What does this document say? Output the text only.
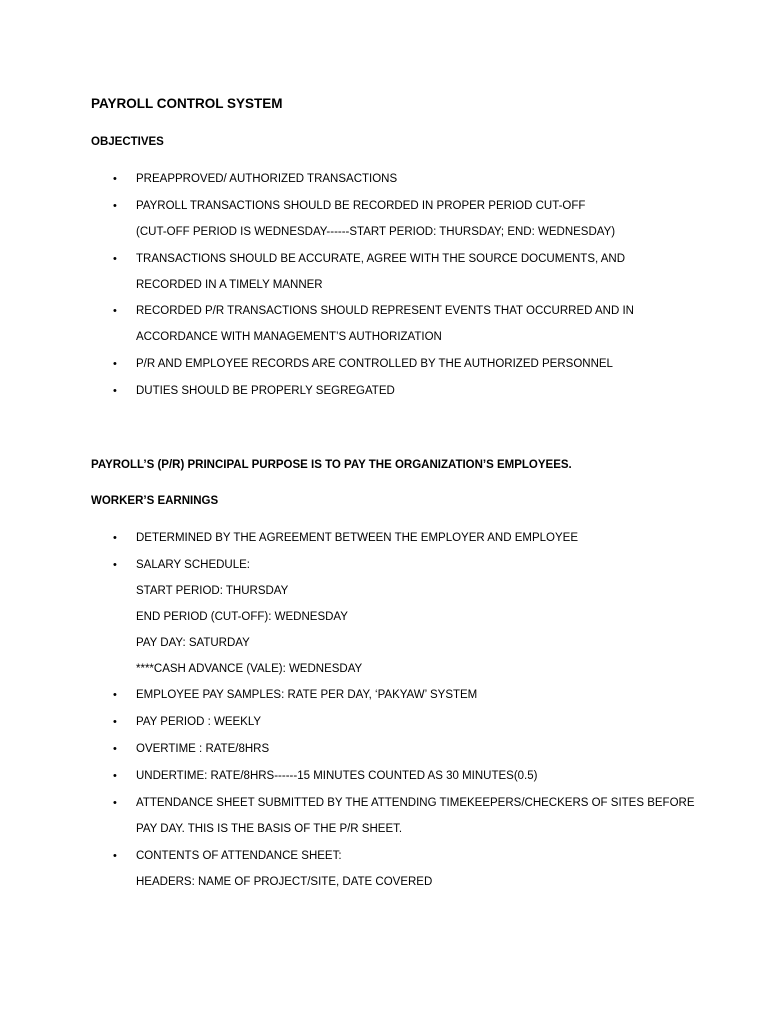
PAYROLL CONTROL SYSTEM
OBJECTIVES
• PREAPPROVED/ AUTHORIZED TRANSACTIONS
• PAYROLL TRANSACTIONS SHOULD BE RECORDED IN PROPER PERIOD CUT-OFF
(CUT-OFF PERIOD IS WEDNESDAY------START PERIOD: THURSDAY; END: WEDNESDAY)
• TRANSACTIONS SHOULD BE ACCURATE, AGREE WITH THE SOURCE DOCUMENTS, AND
RECORDED IN A TIMELY MANNER
• RECORDED P/R TRANSACTIONS SHOULD REPRESENT EVENTS THAT OCCURRED AND IN
ACCORDANCE WITH MANAGEMENT’S AUTHORIZATION
• P/R AND EMPLOYEE RECORDS ARE CONTROLLED BY THE AUTHORIZED PERSONNEL
• DUTIES SHOULD BE PROPERLY SEGREGATED
PAYROLL’S (P/R) PRINCIPAL PURPOSE IS TO PAY THE ORGANIZATION’S EMPLOYEES.
WORKER’S EARNINGS
• DETERMINED BY THE AGREEMENT BETWEEN THE EMPLOYER AND EMPLOYEE
• SALARY SCHEDULE:
START PERIOD: THURSDAY
END PERIOD (CUT-OFF): WEDNESDAY
PAY DAY: SATURDAY
****CASH ADVANCE (VALE): WEDNESDAY
• EMPLOYEE PAY SAMPLES: RATE PER DAY, ‘PAKYAW’ SYSTEM
• PAY PERIOD : WEEKLY
• OVERTIME : RATE/8HRS
• UNDERTIME: RATE/8HRS------15 MINUTES COUNTED AS 30 MINUTES(0.5)
• ATTENDANCE SHEET SUBMITTED BY THE ATTENDING TIMEKEEPERS/CHECKERS OF SITES BEFORE
PAY DAY. THIS IS THE BASIS OF THE P/R SHEET.
• CONTENTS OF ATTENDANCE SHEET:
HEADERS: NAME OF PROJECT/SITE, DATE COVERED
